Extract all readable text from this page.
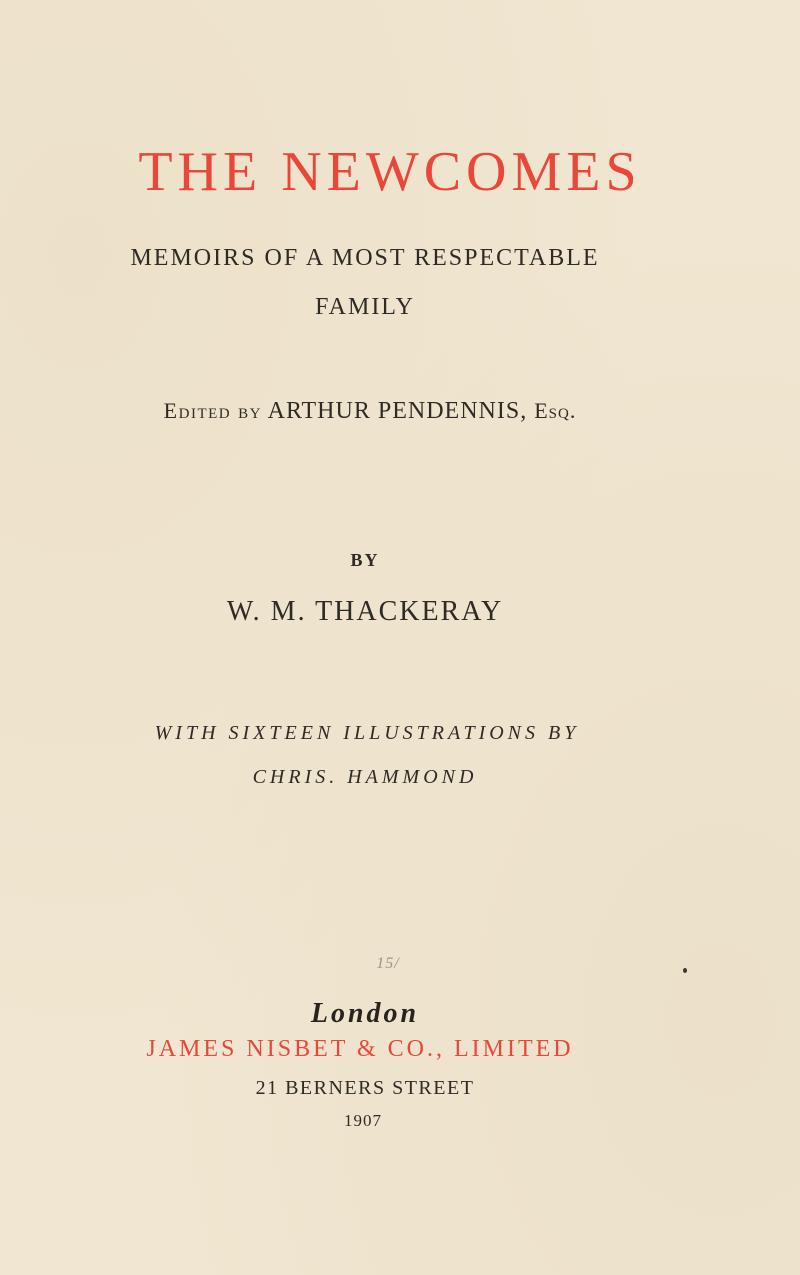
THE NEWCOMES
MEMOIRS OF A MOST RESPECTABLE
FAMILY
Edited by ARTHUR PENDENNIS, Esq.
BY
W. M. THACKERAY
WITH SIXTEEN ILLUSTRATIONS BY
CHRIS. HAMMOND
15/
London
JAMES NISBET & CO., LIMITED
21 BERNERS STREET
1907
